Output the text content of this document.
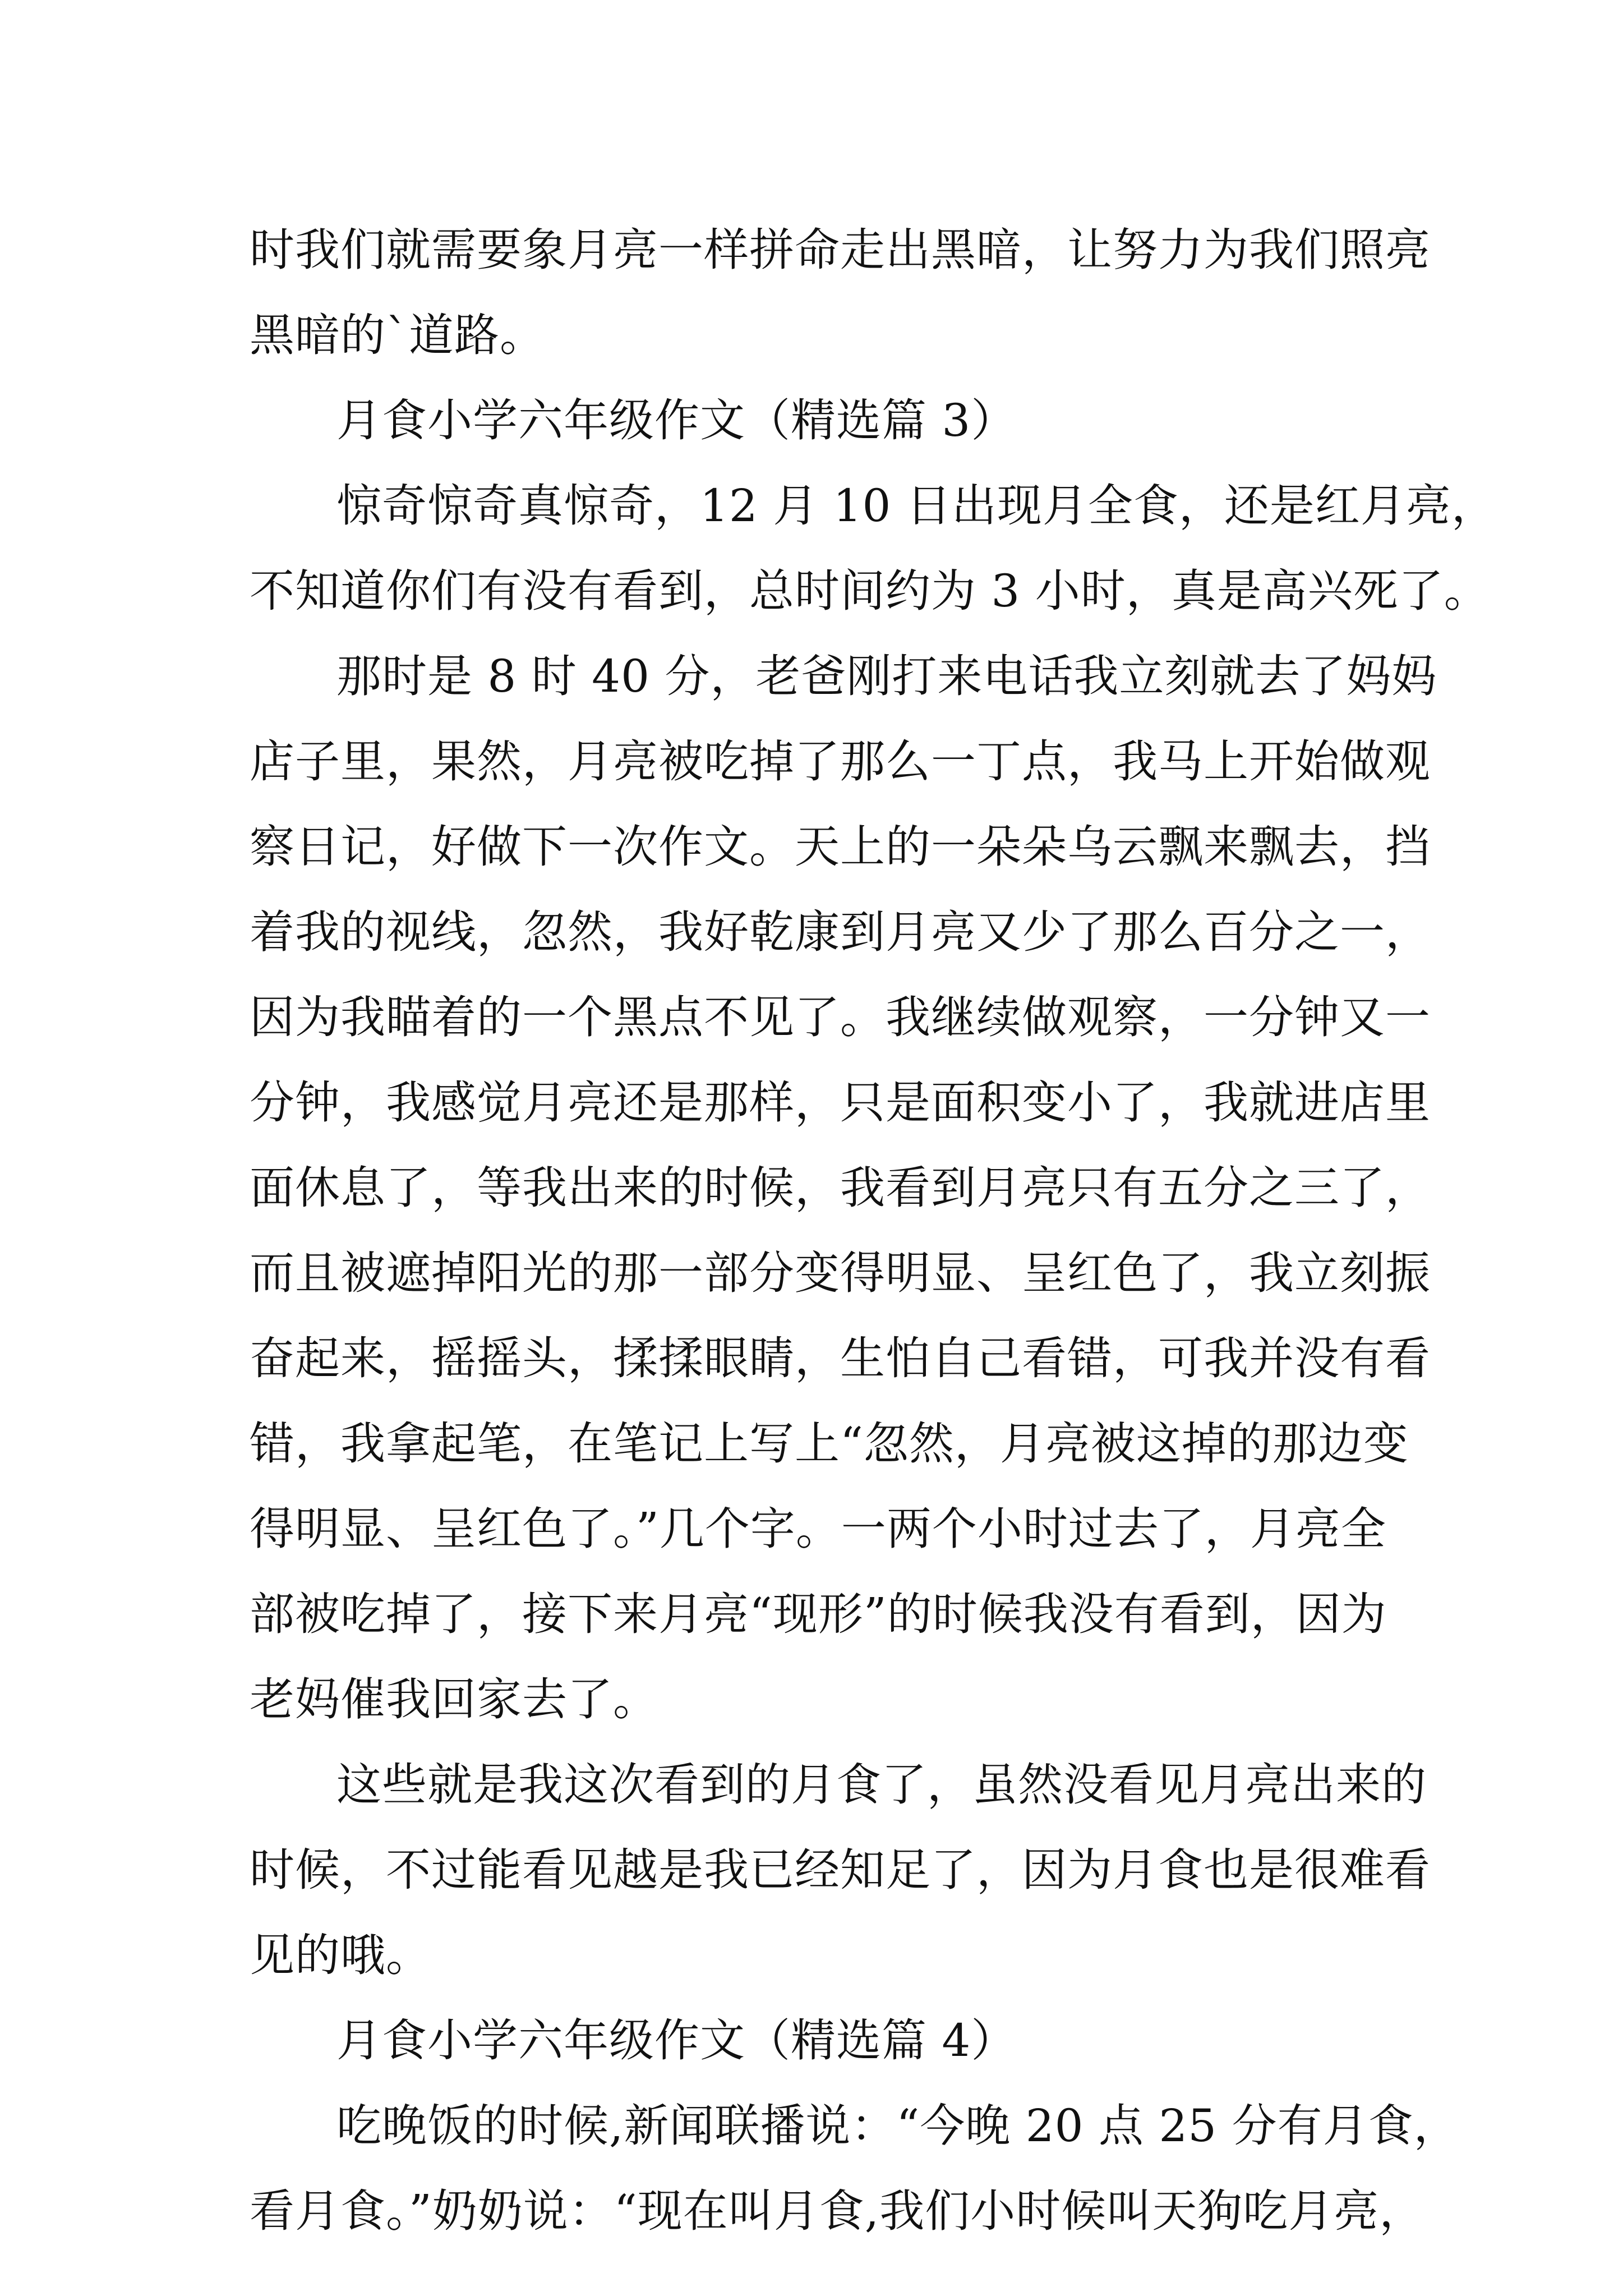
时我们就需要象月亮一样拼命走出黑暗，让努力为我们照亮
黑暗的`道路。
月食小学六年级作文（精选篇 3）
惊奇惊奇真惊奇，12 月 10 日出现月全食，还是红月亮，
不知道你们有没有看到，总时间约为 3 小时，真是高兴死了。
那时是 8 时 40 分，老爸刚打来电话我立刻就去了妈妈
店子里，果然，月亮被吃掉了那么一丁点，我马上开始做观
察日记，好做下一次作文。天上的一朵朵乌云飘来飘去，挡
着我的视线，忽然，我好乾康到月亮又少了那么百分之一，
因为我瞄着的一个黑点不见了。我继续做观察，一分钟又一
分钟，我感觉月亮还是那样，只是面积变小了，我就进店里
面休息了，等我出来的时候，我看到月亮只有五分之三了，
而且被遮掉阳光的那一部分变得明显、呈红色了，我立刻振
奋起来，摇摇头，揉揉眼睛，生怕自己看错，可我并没有看
错，我拿起笔，在笔记上写上“忽然，月亮被这掉的那边变
得明显、呈红色了。”几个字。一两个小时过去了，月亮全
部被吃掉了，接下来月亮“现形”的时候我没有看到，因为
老妈催我回家去了。
这些就是我这次看到的月食了，虽然没看见月亮出来的
时候，不过能看见越是我已经知足了，因为月食也是很难看
见的哦。
月食小学六年级作文（精选篇 4）
吃晚饭的时候,新闻联播说：“今晚 20 点 25 分有月食，
看月食。”奶奶说：“现在叫月食,我们小时候叫天狗吃月亮，
